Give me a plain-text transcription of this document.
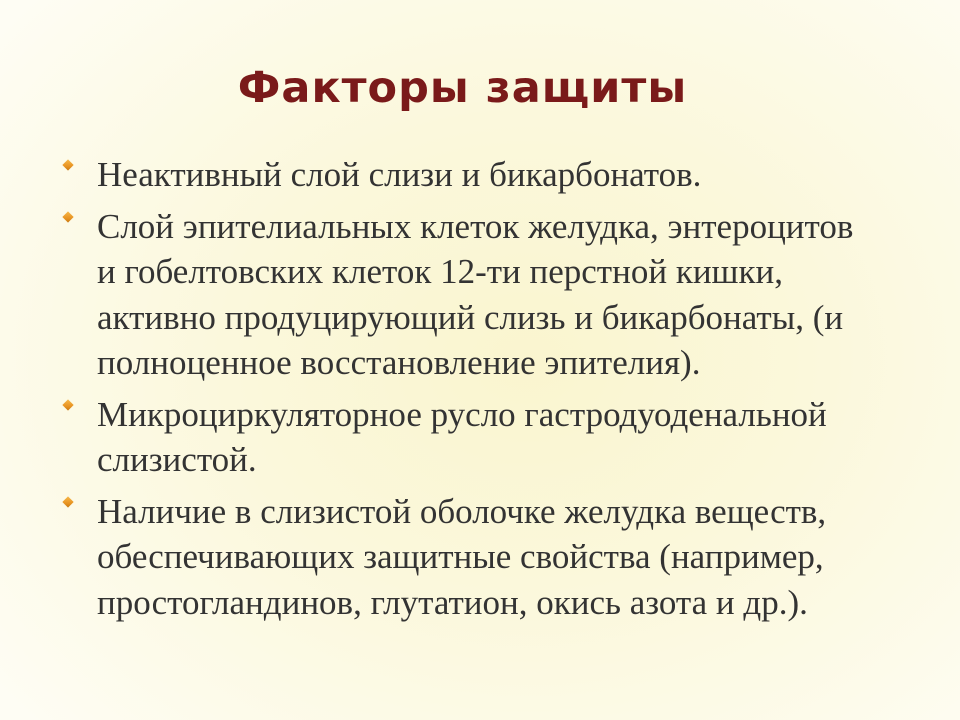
Факторы защиты
Неактивный слой слизи и бикарбонатов.
Слой эпителиальных клеток желудка, энтероцитов
и гобелтовских клеток 12-ти перстной кишки,
активно продуцирующий слизь и бикарбонаты, (и
полноценное восстановление эпителия).
Микроциркуляторное русло гастродуоденальной
слизистой.
Наличие в слизистой оболочке желудка веществ,
обеспечивающих защитные свойства (например,
простогландинов, глутатион, окись азота и др.).
